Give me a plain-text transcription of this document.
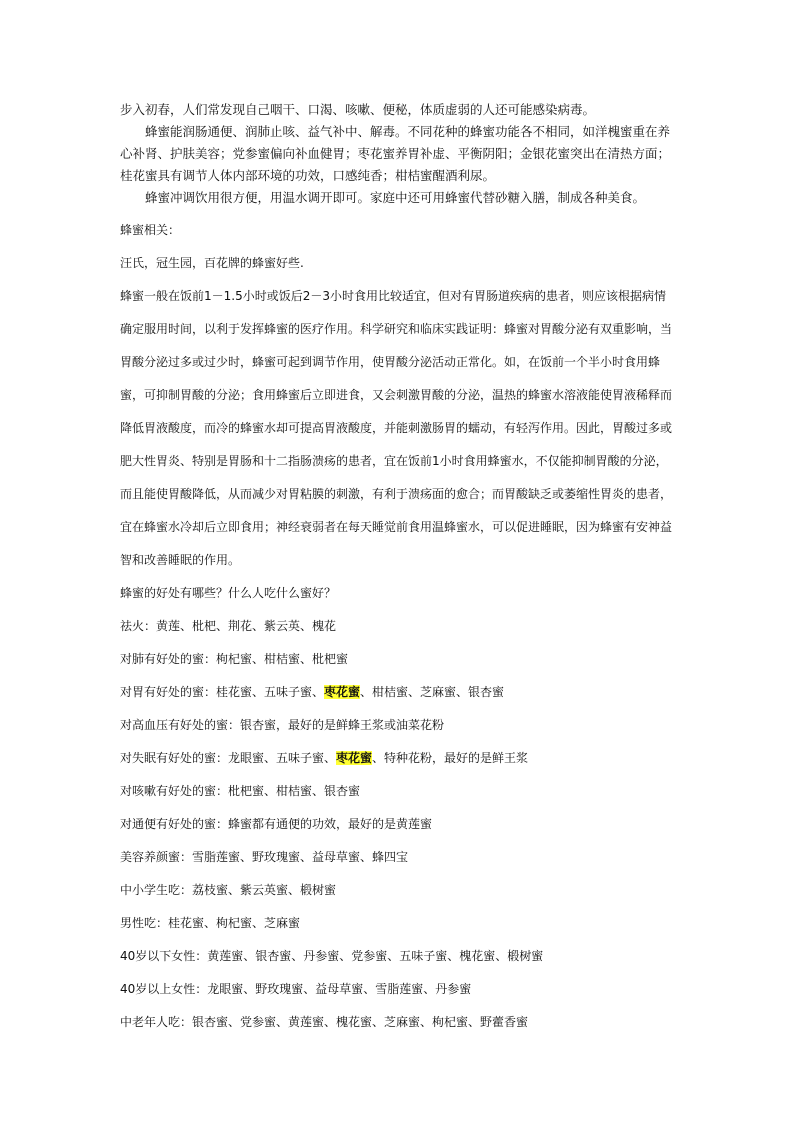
步入初春，人们常发现自己咽干、口渴、咳嗽、便秘，体质虚弱的人还可能感染病毒。

蜂蜜能润肠通便、润肺止咳、益气补中、解毒。不同花种的蜂蜜功能各不相同，如洋槐蜜重在养心补肾、护肤美容；党参蜜偏向补血健胃；枣花蜜养胃补虚、平衡阴阳；金银花蜜突出在清热方面；桂花蜜具有调节人体内部环境的功效，口感纯香；柑桔蜜醒酒利尿。

蜂蜜冲调饮用很方便，用温水调开即可。家庭中还可用蜂蜜代替砂糖入膳，制成各种美食。

蜂蜜相关：

汪氏，冠生园，百花牌的蜂蜜好些.

蜂蜜一般在饭前1－1.5小时或饭后2－3小时食用比较适宜，但对有胃肠道疾病的患者，则应该根据病情确定服用时间，以利于发挥蜂蜜的医疗作用。科学研究和临床实践证明：蜂蜜对胃酸分泌有双重影响，当胃酸分泌过多或过少时，蜂蜜可起到调节作用，使胃酸分泌活动正常化。如，在饭前一个半小时食用蜂蜜，可抑制胃酸的分泌；食用蜂蜜后立即进食，又会刺激胃酸的分泌，温热的蜂蜜水溶液能使胃液稀释而降低胃液酸度，而冷的蜂蜜水却可提高胃液酸度，并能刺激肠胃的蠕动，有轻泻作用。因此，胃酸过多或肥大性胃炎、特别是胃肠和十二指肠溃疡的患者，宜在饭前1小时食用蜂蜜水，不仅能抑制胃酸的分泌，而且能使胃酸降低，从而减少对胃粘膜的刺激，有利于溃疡面的愈合；而胃酸缺乏或萎缩性胃炎的患者，宜在蜂蜜水冷却后立即食用；神经衰弱者在每天睡觉前食用温蜂蜜水，可以促进睡眠，因为蜂蜜有安神益智和改善睡眠的作用。

蜂蜜的好处有哪些？什么人吃什么蜜好？

祛火：黄莲、枇杷、荆花、紫云英、槐花

对肺有好处的蜜：枸杞蜜、柑桔蜜、枇杷蜜

对胃有好处的蜜：桂花蜜、五味子蜜、枣花蜜、柑桔蜜、芝麻蜜、银杏蜜

对高血压有好处的蜜：银杏蜜，最好的是鲜蜂王浆或油菜花粉

对失眠有好处的蜜：龙眼蜜、五味子蜜、枣花蜜、特种花粉，最好的是鲜王浆

对咳嗽有好处的蜜：枇杷蜜、柑桔蜜、银杏蜜

对通便有好处的蜜：蜂蜜都有通便的功效，最好的是黄莲蜜

美容养颜蜜：雪脂莲蜜、野玫瑰蜜、益母草蜜、蜂四宝

中小学生吃：荔枝蜜、紫云英蜜、椴树蜜

男性吃：桂花蜜、枸杞蜜、芝麻蜜

40岁以下女性：黄莲蜜、银杏蜜、丹参蜜、党参蜜、五味子蜜、槐花蜜、椴树蜜

40岁以上女性：龙眼蜜、野玫瑰蜜、益母草蜜、雪脂莲蜜、丹参蜜

中老年人吃：银杏蜜、党参蜜、黄莲蜜、槐花蜜、芝麻蜜、枸杞蜜、野藿香蜜
